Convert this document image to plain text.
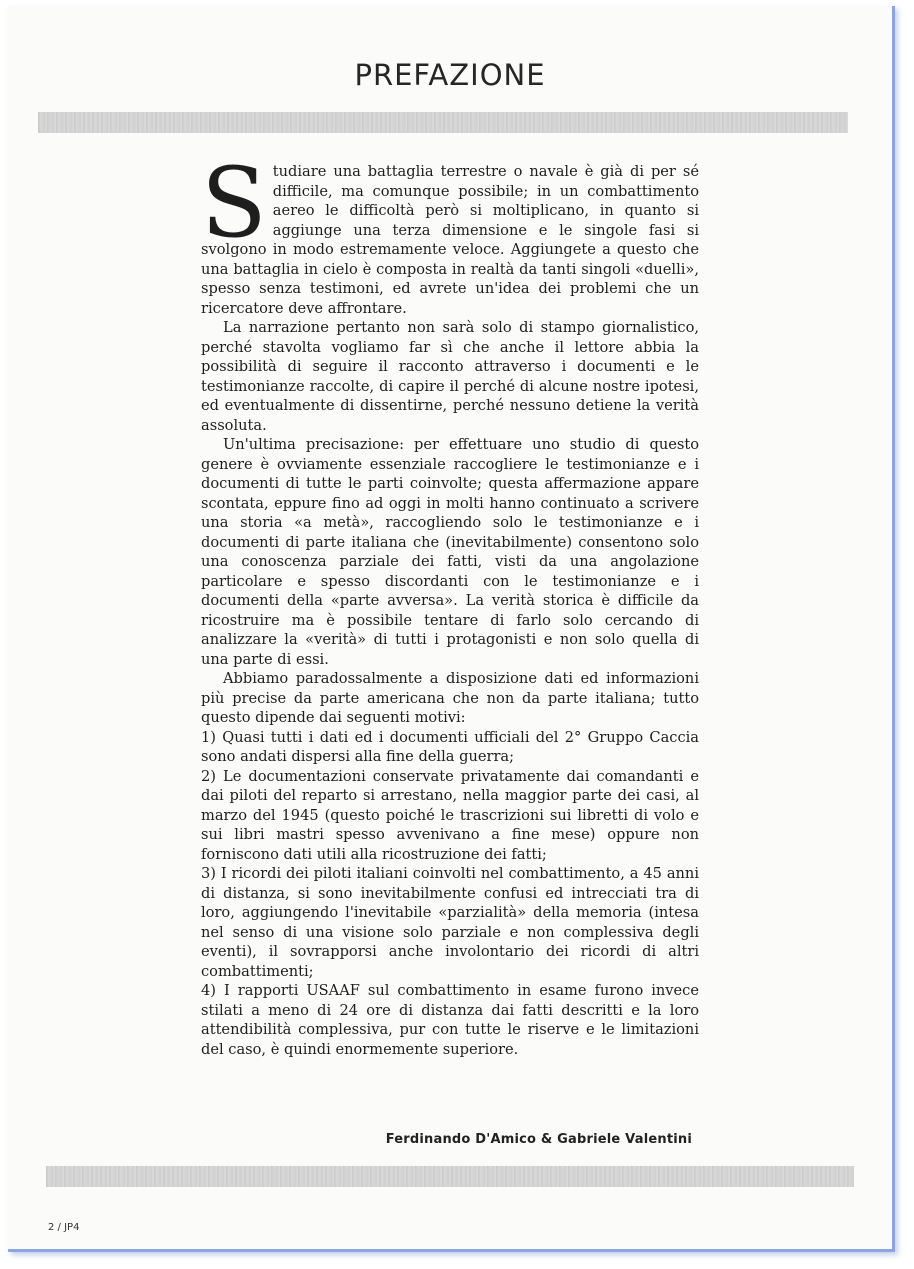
PREFAZIONE

Studiare una battaglia terrestre o navale è già di per sé difficile, ma comunque possibile; in un combattimento aereo le difficoltà però si moltiplicano, in quanto si aggiunge una terza dimensione e le singole fasi si svolgono in modo estremamente veloce. Aggiungete a questo che una battaglia in cielo è composta in realtà da tanti singoli «duelli», spesso senza testimoni, ed avrete un'idea dei problemi che un ricercatore deve affrontare.

La narrazione pertanto non sarà solo di stampo giornalistico, perché stavolta vogliamo far sì che anche il lettore abbia la possibilità di seguire il racconto attraverso i documenti e le testimonianze raccolte, di capire il perché di alcune nostre ipotesi, ed eventualmente di dissentirne, perché nessuno detiene la verità assoluta.

Un'ultima precisazione: per effettuare uno studio di questo genere è ovviamente essenziale raccogliere le testimonianze e i documenti di tutte le parti coinvolte; questa affermazione appare scontata, eppure fino ad oggi in molti hanno continuato a scrivere una storia «a metà», raccogliendo solo le testimonianze e i documenti di parte italiana che (inevitabilmente) consentono solo una conoscenza parziale dei fatti, visti da una angolazione particolare e spesso discordanti con le testimonianze e i documenti della «parte avversa». La verità storica è difficile da ricostruire ma è possibile tentare di farlo solo cercando di analizzare la «verità» di tutti i protagonisti e non solo quella di una parte di essi.

Abbiamo paradossalmente a disposizione dati ed informazioni più precise da parte americana che non da parte italiana; tutto questo dipende dai seguenti motivi:

1) Quasi tutti i dati ed i documenti ufficiali del 2° Gruppo Caccia sono andati dispersi alla fine della guerra;

2) Le documentazioni conservate privatamente dai comandanti e dai piloti del reparto si arrestano, nella maggior parte dei casi, al marzo del 1945 (questo poiché le trascrizioni sui libretti di volo e sui libri mastri spesso avvenivano a fine mese) oppure non forniscono dati utili alla ricostruzione dei fatti;

3) I ricordi dei piloti italiani coinvolti nel combattimento, a 45 anni di distanza, si sono inevitabilmente confusi ed intrecciati tra di loro, aggiungendo l'inevitabile «parzialità» della memoria (intesa nel senso di una visione solo parziale e non complessiva degli eventi), il sovrapporsi anche involontario dei ricordi di altri combattimenti;

4) I rapporti USAAF sul combattimento in esame furono invece stilati a meno di 24 ore di distanza dai fatti descritti e la loro attendibilità complessiva, pur con tutte le riserve e le limitazioni del caso, è quindi enormemente superiore.

Ferdinando D'Amico & Gabriele Valentini
2 / JP4
